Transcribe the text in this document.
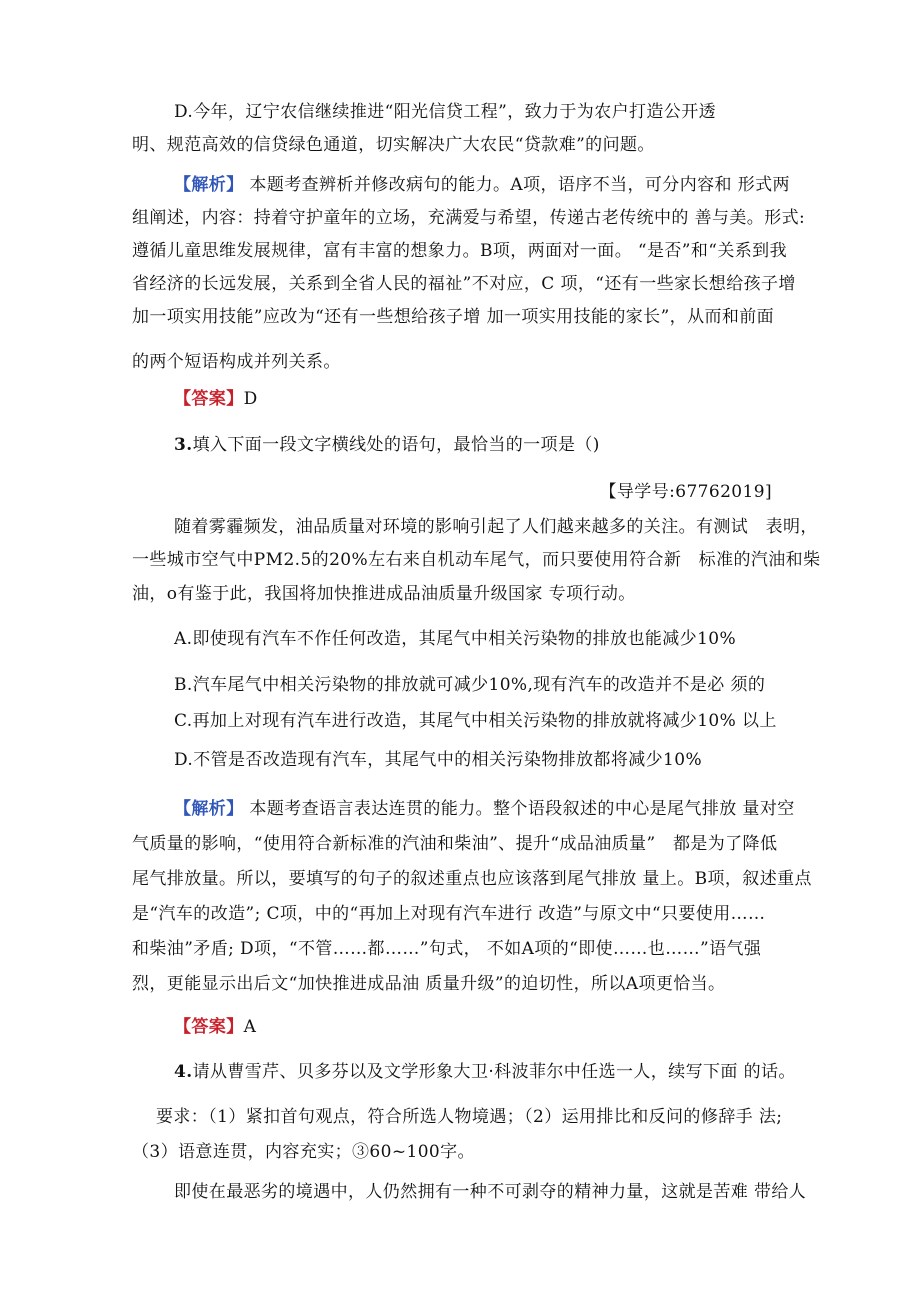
D.今年，辽宁农信继续推进“阳光信贷工程”，致力于为农户打造公开透
明、规范高效的信贷绿色通道，切实解决广大农民“贷款难”的问题。
【解析】 本题考查辨析并修改病句的能力。A项，语序不当，可分内容和 形式两
组阐述，内容：持着守护童年的立场，充满爱与希望，传递古老传统中的 善与美。形式:
遵循儿童思维发展规律，富有丰富的想象力。B项，两面对一面。 “是否”和“关系到我
省经济的长远发展，关系到全省人民的福祉”不对应，C 项，“还有一些家长想给孩子增
加一项实用技能”应改为“还有一些想给孩子增 加一项实用技能的家长”，从而和前面
的两个短语构成并列关系。
【答案】D
3.填入下面一段文字横线处的语句，最恰当的一项是（)
【导学号:67762019]
随着雾霾频发，油品质量对环境的影响引起了人们越来越多的关注。有测试　表明，
一些城市空气中PM2.5的20%左右来自机动车尾气，而只要使用符合新　标准的汽油和柴
油，o有鉴于此，我国将加快推进成品油质量升级国家 专项行动。
A.即使现有汽车不作任何改造，其尾气中相关污染物的排放也能减少10%
B.汽车尾气中相关污染物的排放就可减少10%,现有汽车的改造并不是必 须的
C.再加上对现有汽车进行改造，其尾气中相关污染物的排放就将减少10% 以上
D.不管是否改造现有汽车，其尾气中的相关污染物排放都将减少10%
【解析】 本题考查语言表达连贯的能力。整个语段叙述的中心是尾气排放 量对空
气质量的影响，“使用符合新标准的汽油和柴油”、提升“成品油质量”　都是为了降低
尾气排放量。所以，要填写的句子的叙述重点也应该落到尾气排放 量上。B项，叙述重点
是“汽车的改造”; C项，中的“再加上对现有汽车进行 改造”与原文中“只要使用……
和柴油”矛盾; D项，“不管……都……”句式， 不如A项的“即使……也……”语气强
烈，更能显示出后文“加快推进成品油 质量升级”的迫切性，所以A项更恰当。
【答案】A
4.请从曹雪芹、贝多芬以及文学形象大卫·科波菲尔中任选一人，续写下面 的话。
要求：（1）紧扣首句观点，符合所选人物境遇；（2）运用排比和反问的修辞手 法;
（3）语意连贯，内容充实；③60~100字。
即使在最恶劣的境遇中，人仍然拥有一种不可剥夺的精神力量，这就是苦难 带给人
